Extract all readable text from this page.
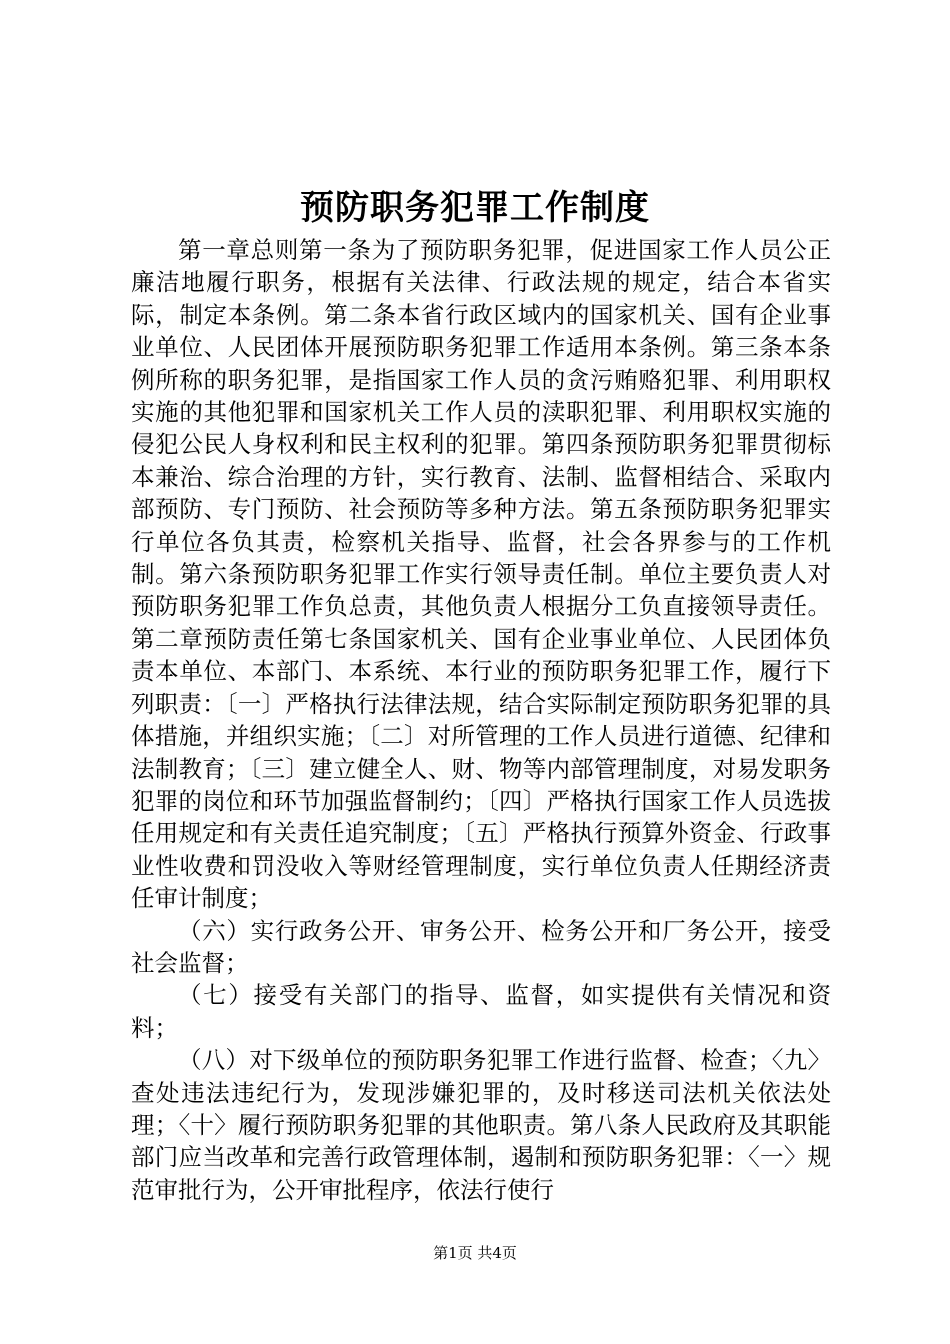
预防职务犯罪工作制度

第一章总则第一条为了预防职务犯罪，促进国家工作人员公正廉洁地履行职务，根据有关法律、行政法规的规定，结合本省实际，制定本条例。第二条本省行政区域内的国家机关、国有企业事业单位、人民团体开展预防职务犯罪工作适用本条例。第三条本条例所称的职务犯罪，是指国家工作人员的贪污贿赂犯罪、利用职权实施的其他犯罪和国家机关工作人员的渎职犯罪、利用职权实施的侵犯公民人身权利和民主权利的犯罪。第四条预防职务犯罪贯彻标本兼治、综合治理的方针，实行教育、法制、监督相结合、采取内部预防、专门预防、社会预防等多种方法。第五条预防职务犯罪实行单位各负其责，检察机关指导、监督，社会各界参与的工作机制。第六条预防职务犯罪工作实行领导责任制。单位主要负责人对预防职务犯罪工作负总责，其他负责人根据分工负直接领导责任。第二章预防责任第七条国家机关、国有企业事业单位、人民团体负责本单位、本部门、本系统、本行业的预防职务犯罪工作，履行下列职责：〔一〕严格执行法律法规，结合实际制定预防职务犯罪的具体措施，并组织实施；〔二〕对所管理的工作人员进行道德、纪律和法制教育；〔三〕建立健全人、财、物等内部管理制度，对易发职务犯罪的岗位和环节加强监督制约；〔四〕严格执行国家工作人员选拔任用规定和有关责任追究制度；〔五〕严格执行预算外资金、行政事业性收费和罚没收入等财经管理制度，实行单位负责人任期经济责任审计制度；

（六）实行政务公开、审务公开、检务公开和厂务公开，接受社会监督；

（七）接受有关部门的指导、监督，如实提供有关情况和资料；

（八）对下级单位的预防职务犯罪工作进行监督、检查；〈九〉查处违法违纪行为，发现涉嫌犯罪的，及时移送司法机关依法处理；〈十〉履行预防职务犯罪的其他职责。第八条人民政府及其职能部门应当改革和完善行政管理体制，遏制和预防职务犯罪：〈一〉规范审批行为，公开审批程序，依法行使行

第1页 共4页
